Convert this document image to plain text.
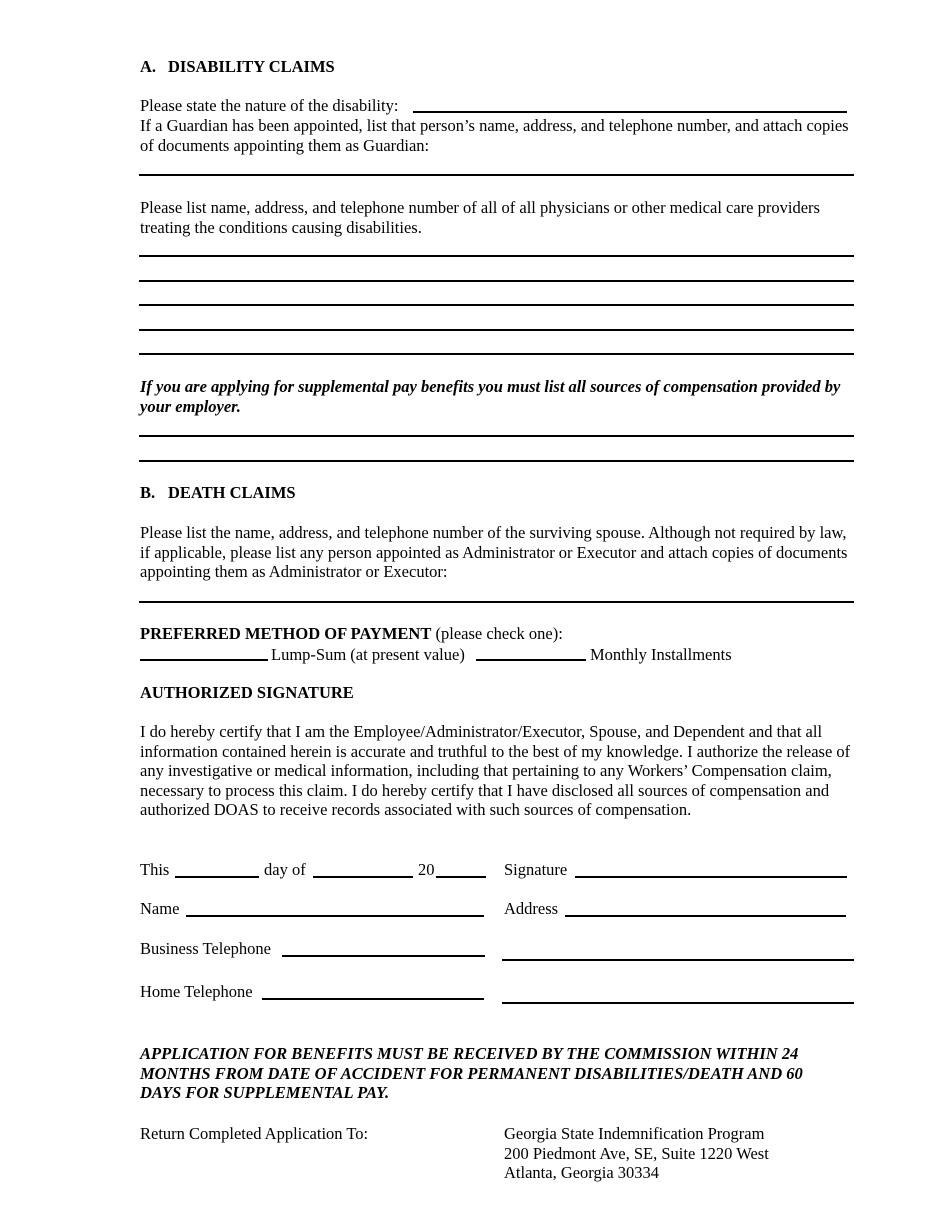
A. DISABILITY CLAIMS
Please state the nature of the disability:
If a Guardian has been appointed, list that person’s name, address, and telephone number, and attach copies of documents appointing them as Guardian:
Please list name, address, and telephone number of all of all physicians or other medical care providers treating the conditions causing disabilities.
If you are applying for supplemental pay benefits you must list all sources of compensation provided by your employer.
B. DEATH CLAIMS
Please list the name, address, and telephone number of the surviving spouse. Although not required by law, if applicable, please list any person appointed as Administrator or Executor and attach copies of documents appointing them as Administrator or Executor:
PREFERRED METHOD OF PAYMENT (please check one):
Lump-Sum (at present value)	Monthly Installments
AUTHORIZED SIGNATURE
I do hereby certify that I am the Employee/Administrator/Executor, Spouse, and Dependent and that all information contained herein is accurate and truthful to the best of my knowledge. I authorize the release of any investigative or medical information, including that pertaining to any Workers’ Compensation claim, necessary to process this claim. I do hereby certify that I have disclosed all sources of compensation and authorized DOAS to receive records associated with such sources of compensation.
This	day of	20	Signature
Name	Address
Business Telephone
Home Telephone
APPLICATION FOR BENEFITS MUST BE RECEIVED BY THE COMMISSION WITHIN 24 MONTHS FROM DATE OF ACCIDENT FOR PERMANENT DISABILITIES/DEATH AND 60 DAYS FOR SUPPLEMENTAL PAY.
Return Completed Application To:	Georgia State Indemnification Program
200 Piedmont Ave, SE, Suite 1220 West
Atlanta, Georgia 30334
